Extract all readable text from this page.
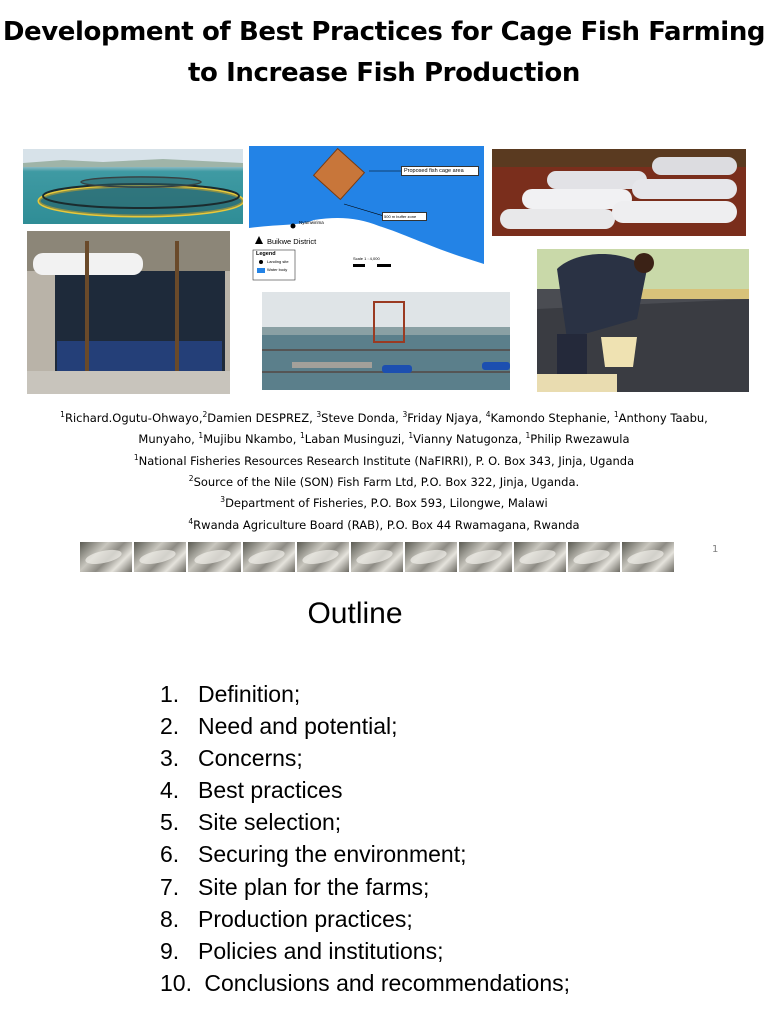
Development of Best Practices for Cage Fish Farming
to Increase Fish Production
Proposed fish cage area
500 m buffer zone
Nyamwirima
Buikwe District
Legend
Landing site
Water body
Scale 1 : 4,000
$^1$Richard.Ogutu-Ohwayo,$^2$Damien DESPREZ, $^3$Steve Donda, $^3$Friday Njaya, $^4$Kamondo Stephanie, $^1$Anthony Taabu,
Munyaho, $^1$Mujibu Nkambo, $^1$Laban Musinguzi, $^1$Vianny Natugonza, $^1$Philip Rwezawula
$^1$National Fisheries Resources Research Institute (NaFIRRI), P. O. Box 343, Jinja, Uganda
$^2$Source of the Nile (SON) Fish Farm Ltd, P.O. Box 322, Jinja, Uganda.
$^3$Department of Fisheries, P.O. Box 593, Lilongwe, Malawi
$^4$Rwanda Agriculture Board (RAB), P.O. Box 44 Rwamagana, Rwanda
1
Outline
1. Definition;
2. Need and potential;
3. Concerns;
4. Best practices
5. Site selection;
6. Securing the environment;
7. Site plan for the farms;
8. Production practices;
9. Policies and institutions;
10. Conclusions and recommendations;
